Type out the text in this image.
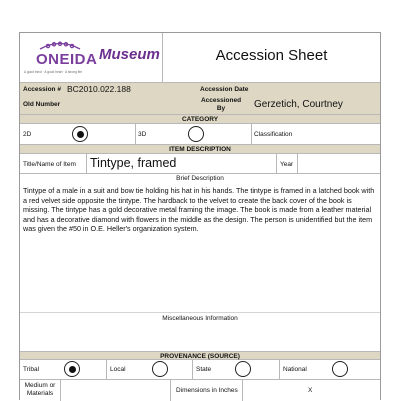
ONEIDA
A good mind · A good heart · A strong fire
Museum	Accession Sheet
Accession # BC2010.022.188	Accession Date
Old Number
Accessioned By	Gerzetich, Courtney
CATEGORY
2D	3D	Classification
ITEM DESCRIPTION
Title/Name of Item Tintype, framed	Year
Brief Description
Tintype of a male in a suit and bow tie holding his hat in his hands. The tintype is framed in a latched book with a red velvet side opposite the tintype. The hardback to the velvet to create the back cover of the book is missing. The tintype has a gold decorative metal framing the image. The book is made from a leather material and has a decorative diamond with flowers in the middle as the design. The person is unidentified but the item was given the #50 in O.E. Heller's organization system.
Miscellaneous Information
PROVENANCE (SOURCE)
Tribal	Local	State	National
Medium or Materials	Dimensions in Inches	X
